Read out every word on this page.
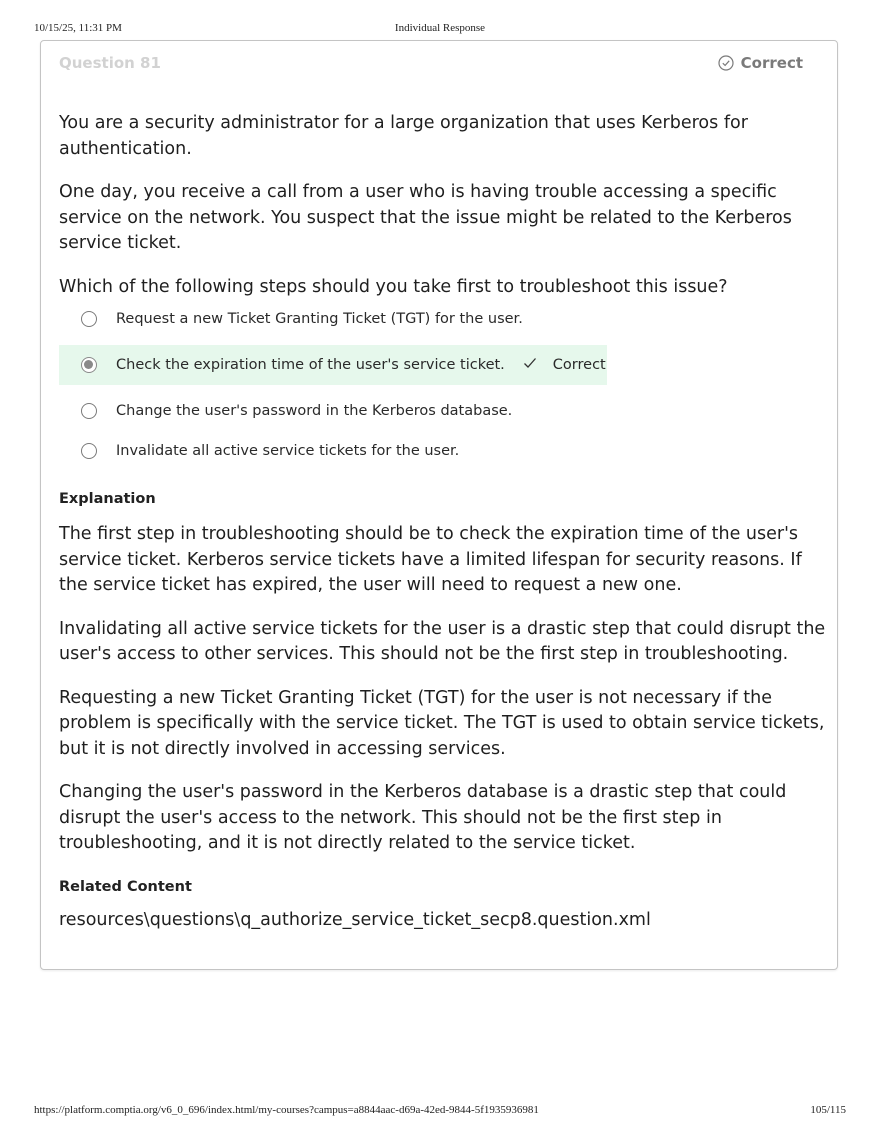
10/15/25, 11:31 PM	Individual Response
Question 81	Correct

You are a security administrator for a large organization that uses Kerberos for authentication.

One day, you receive a call from a user who is having trouble accessing a specific service on the network. You suspect that the issue might be related to the Kerberos service ticket.

Which of the following steps should you take first to troubleshoot this issue?

Request a new Ticket Granting Ticket (TGT) for the user.
Check the expiration time of the user's service ticket.	Correct
Change the user's password in the Kerberos database.
Invalidate all active service tickets for the user.
Explanation

The first step in troubleshooting should be to check the expiration time of the user's service ticket. Kerberos service tickets have a limited lifespan for security reasons. If the service ticket has expired, the user will need to request a new one.

Invalidating all active service tickets for the user is a drastic step that could disrupt the user's access to other services. This should not be the first step in troubleshooting.

Requesting a new Ticket Granting Ticket (TGT) for the user is not necessary if the problem is specifically with the service ticket. The TGT is used to obtain service tickets, but it is not directly involved in accessing services.

Changing the user's password in the Kerberos database is a drastic step that could disrupt the user's access to the network. This should not be the first step in troubleshooting, and it is not directly related to the service ticket.

Related Content
resources\questions\q_authorize_service_ticket_secp8.question.xml
https://platform.comptia.org/v6_0_696/index.html/my-courses?campus=a8844aac-d69a-42ed-9844-5f1935936981	105/115
